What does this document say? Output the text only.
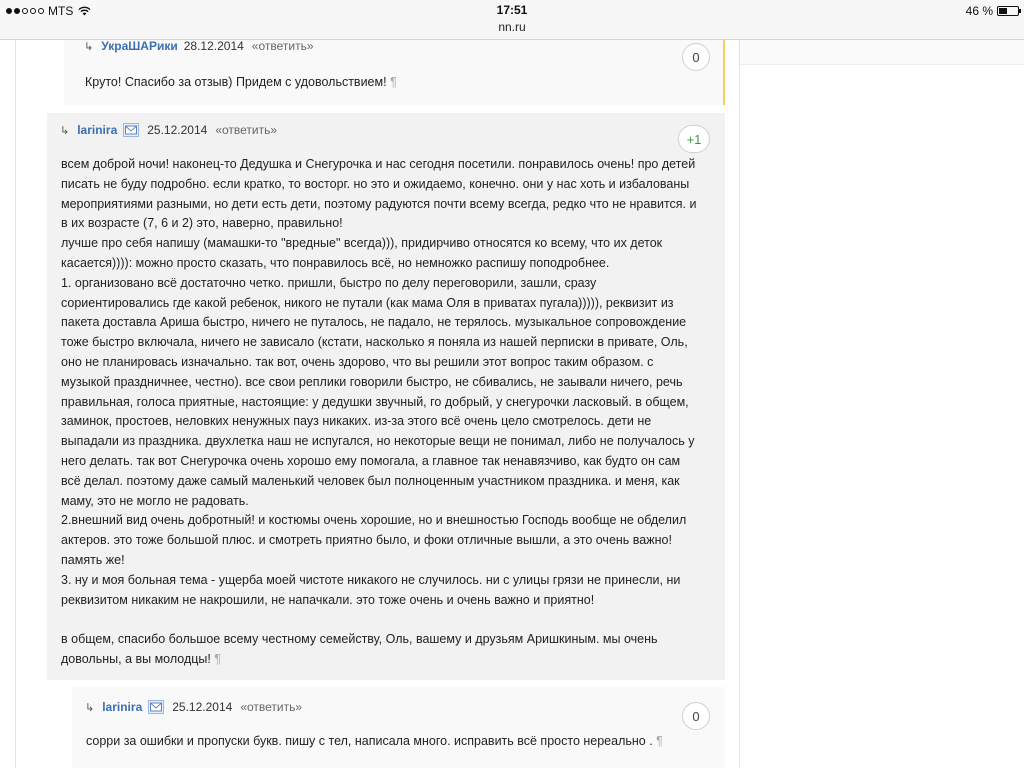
MTS	17:51
nn.ru
46 %
↳ УкраШАРики 28.12.2014 «ответить»
0

Круто! Спасибо за отзыв) Придем с удовольствием! ¶

↳ larinira	25.12.2014 «ответить»
+1

всем доброй ночи! наконец-то Дедушка и Снегурочка и нас сегодня посетили. понравилось очень! про детей

писать не буду подробно. если кратко, то восторг. но это и ожидаемо, конечно. они у нас хоть и избалованы

мероприятиями разными, но дети есть дети, поэтому радуются почти всему всегда, редко что не нравится. и

в их возрасте (7, 6 и 2) это, наверно, правильно!

лучше про себя напишу (мамашки-то "вредные" всегда))), придирчиво относятся ко всему, что их деток

касается)))): можно просто сказать, что понравилось всё, но немножко распишу поподробнее.

1. организовано всё достаточно четко. пришли, быстро по делу переговорили, зашли, сразу

сориентировались где какой ребенок, никого не путали (как мама Оля в приватах пугала))))), реквизит из

пакета доставла Ариша быстро, ничего не путалось, не падало, не терялось. музыкальное сопровождение

тоже быстро включала, ничего не зависало (кстати, насколько я поняла из нашей перписки в привате, Оль,

оно не планировась изначально. так вот, очень здорово, что вы решили этот вопрос таким образом. с

музыкой праздничнее, честно). все свои реплики говорили быстро, не сбивались, не заывали ничего, речь

правильная, голоса приятные, настоящие: у дедушки звучный, го добрый, у снегурочки ласковый. в общем,

заминок, простоев, неловких ненужных пауз никаких. из-за этого всё очень цело смотрелось. дети не

выпадали из праздника. двухлетка наш не испугался, но некоторые вещи не понимал, либо не получалось у

него делать. так вот Снегурочка очень хорошо ему помогала, а главное так ненавязчиво, как будто он сам

всё делал. поэтому даже самый маленький человек был полноценным участником праздника. и меня, как

маму, это не могло не радовать.

2.внешний вид очень добротный! и костюмы очень хорошие, но и внешностью Господь вообще не обделил

актеров. это тоже большой плюс. и смотреть приятно было, и фоки отличные вышли, а это очень важно!

память же!

3. ну и моя больная тема - ущерба моей чистоте никакого не случилось. ни с улицы грязи не принесли, ни

реквизитом никаким не накрошили, не напачкали. это тоже очень и очень важно и приятно!

в общем, спасибо большое всему честному семейству, Оль, вашему и друзьям Аришкиным. мы очень

довольны, а вы молодцы! ¶

↳ larinira	25.12.2014 «ответить»
0

сорри за ошибки и пропуски букв. пишу с тел, написала много. исправить всё просто нереально . ¶
